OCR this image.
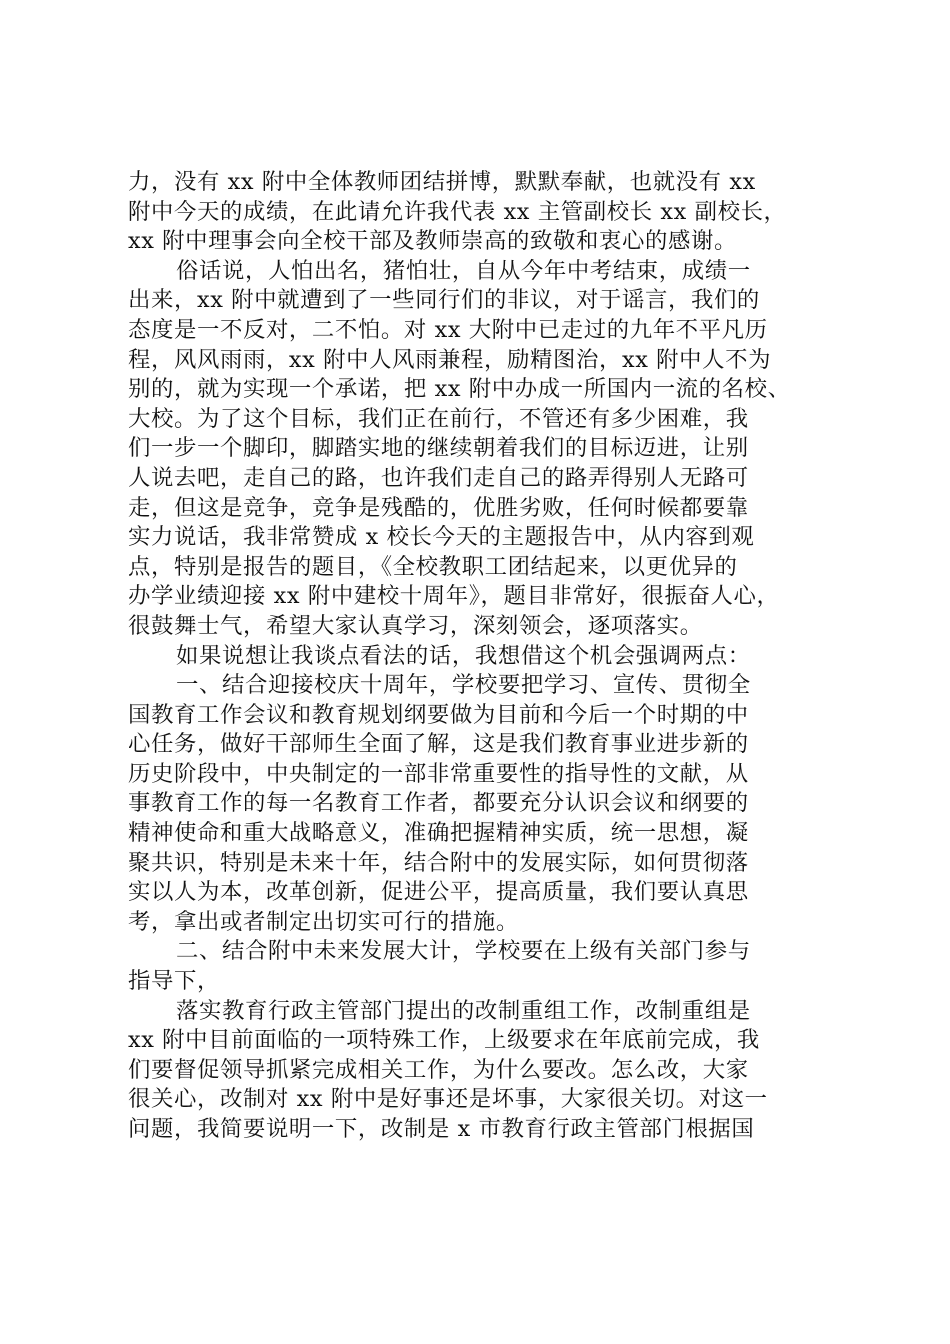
力，没有 xx 附中全体教师团结拼博，默默奉献，也就没有 xx
附中今天的成绩，在此请允许我代表 xx 主管副校长 xx 副校长，
xx 附中理事会向全校干部及教师崇高的致敬和衷心的感谢。
俗话说，人怕出名，猪怕壮，自从今年中考结束，成绩一
出来，xx 附中就遭到了一些同行们的非议，对于谣言，我们的
态度是一不反对，二不怕。对 xx 大附中已走过的九年不平凡历
程，风风雨雨，xx 附中人风雨兼程，励精图治，xx 附中人不为
别的，就为实现一个承诺，把 xx 附中办成一所国内一流的名校、
大校。为了这个目标，我们正在前行，不管还有多少困难，我
们一步一个脚印，脚踏实地的继续朝着我们的目标迈进，让别
人说去吧，走自己的路，也许我们走自己的路弄得别人无路可
走，但这是竞争，竞争是残酷的，优胜劣败，任何时候都要靠
实力说话，我非常赞成 x 校长今天的主题报告中，从内容到观
点，特别是报告的题目，《全校教职工团结起来，以更优异的
办学业绩迎接 xx 附中建校十周年》，题目非常好，很振奋人心，
很鼓舞士气，希望大家认真学习，深刻领会，逐项落实。
如果说想让我谈点看法的话，我想借这个机会强调两点：
一、结合迎接校庆十周年，学校要把学习、宣传、贯彻全
国教育工作会议和教育规划纲要做为目前和今后一个时期的中
心任务，做好干部师生全面了解，这是我们教育事业进步新的
历史阶段中，中央制定的一部非常重要性的指导性的文献，从
事教育工作的每一名教育工作者，都要充分认识会议和纲要的
精神使命和重大战略意义，准确把握精神实质，统一思想，凝
聚共识，特别是未来十年，结合附中的发展实际，如何贯彻落
实以人为本，改革创新，促进公平，提高质量，我们要认真思
考，拿出或者制定出切实可行的措施。
二、结合附中未来发展大计，学校要在上级有关部门参与
指导下，
落实教育行政主管部门提出的改制重组工作，改制重组是
xx 附中目前面临的一项特殊工作，上级要求在年底前完成，我
们要督促领导抓紧完成相关工作，为什么要改。怎么改，大家
很关心，改制对 xx 附中是好事还是坏事，大家很关切。对这一
问题，我简要说明一下，改制是 x 市教育行政主管部门根据国
